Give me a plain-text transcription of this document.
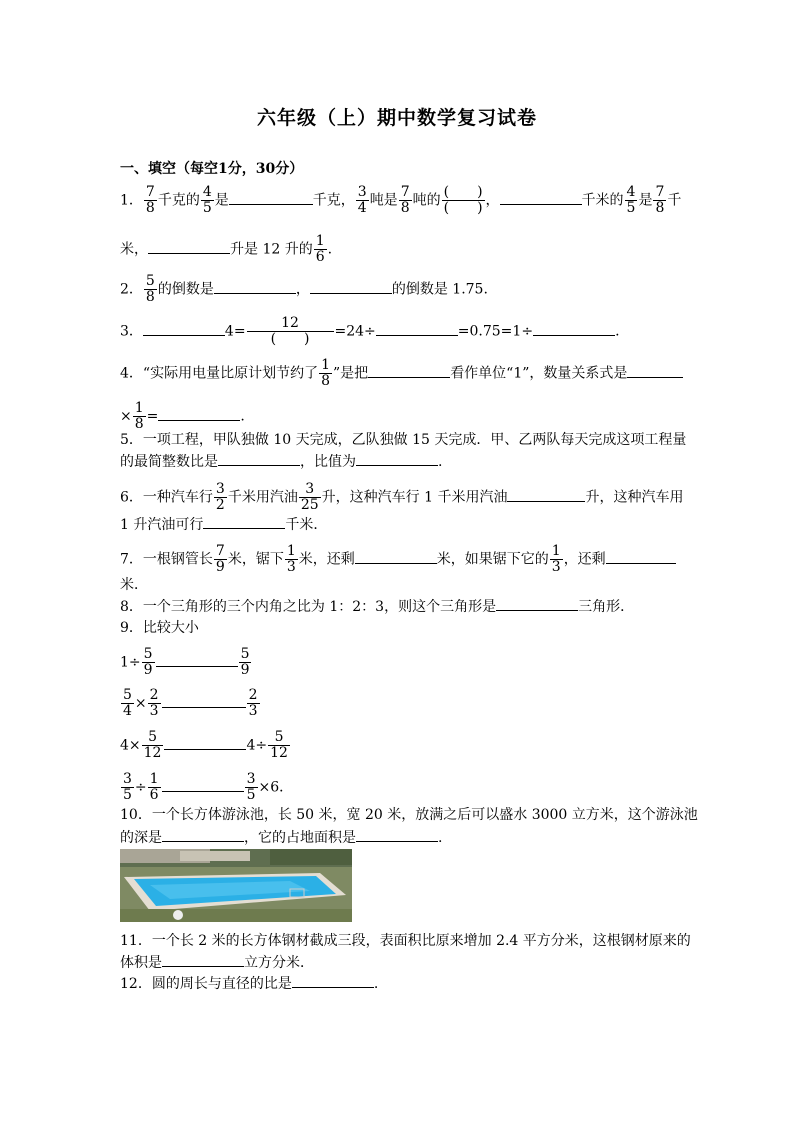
六年级（上）期中数学复习试卷
一、填空（每空1分，30分）
1． $\frac{7}{8}$ 千克的 $\frac{4}{5}$ 是	千克， $\frac{3}{4}$ 吨是 $\frac{7}{8}$ 吨的 $\frac{( )}{( )}$ ，	千米的 $\frac{4}{5}$ 是 $\frac{7}{8}$ 千
米，	升是 12 升的 $\frac{1}{6}$ .
2． $\frac{5}{8}$ 的倒数是	，	的倒数是 1.75.
3．	$4= \frac{12}{( )} =24\div$	=0.75=1÷	.
4．“实际用电量比原计划节约了 $\frac{1}{8}$ ”是把	看作单位“1”，数量关系式是
× $\frac{1}{8}$ =	.
5．一项工程，甲队独做 10 天完成，乙队独做 15 天完成．甲、乙两队每天完成这项工程量
的最简整数比是	，比值为	.
6．一种汽车行 $\frac{3}{2}$ 千米用汽油 $\frac{3}{25}$ 升，这种汽车行 1 千米用汽油	升，这种汽车用
1 升汽油可行	千米．
7．一根钢管长 $\frac{7}{9}$ 米，锯下 $\frac{1}{3}$ 米，还剩	米，如果锯下它的 $\frac{1}{3}$ ，还剩
米．
8．一个三角形的三个内角之比为 1：2：3，则这个三角形是	三角形．
9．比较大小
$1\div \frac{5}{9}$	$\frac{5}{9}$
$\frac{5}{4} \times \frac{2}{3}$	$\frac{2}{3}$
$4\times \frac{5}{12}$	$4\div \frac{5}{12}$
$\frac{3}{5} \div \frac{1}{6}$	$\frac{3}{5} \times 6$．
10．一个长方体游泳池，长 50 米，宽 20 米，放满之后可以盛水 3000 立方米，这个游泳池
的深是	，它的占地面积是	.
11．一个长 2 米的长方体钢材截成三段，表面积比原来增加 2.4 平方分米，这根钢材原来的
体积是	立方分米．
12．圆的周长与直径的比是	.
